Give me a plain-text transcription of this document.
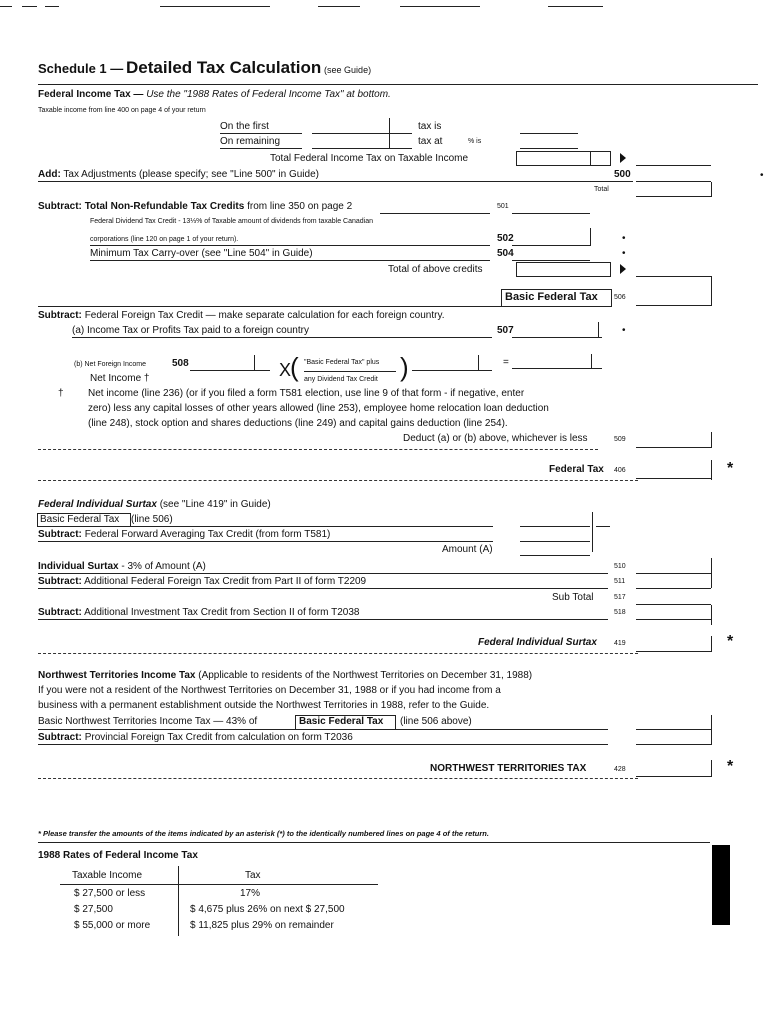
Schedule 1 — Detailed Tax Calculation (see Guide)
Federal Income Tax — Use the "1988 Rates of Federal Income Tax" at bottom.
Taxable income from line 400 on page 4 of your return
On the first	tax is
On remaining	tax at	% is
Total Federal Income Tax on Taxable Income
Add: Tax Adjustments (please specify; see "Line 500" in Guide)	500	•
Total
Subtract: Total Non-Refundable Tax Credits from line 350 on page 2	501
Federal Dividend Tax Credit - 13⅓% of Taxable amount of dividends from taxable Canadian
corporations (line 120 on page 1 of your return).	502	•
Minimum Tax Carry-over (see "Line 504" in Guide)	504	•
Total of above credits
Basic Federal Tax 506
Subtract: Federal Foreign Tax Credit — make separate calculation for each foreign country.
(a) Income Tax or Profits Tax paid to a foreign country	507	•
(b) Net Foreign Income	508
Net Income †	X
( "Basic Federal Tax" plus
any Dividend Tax Credit )	=
† Net income (line 236) (or if you filed a form T581 election, use line 9 of that form - if negative, enter
zero) less any capital losses of other years allowed (line 253), employee home relocation loan deduction
(line 248), stock option and shares deductions (line 249) and capital gains deduction (line 254).
Deduct (a) or (b) above, whichever is less	509
Federal Tax 406	*
Federal Individual Surtax (see "Line 419" in Guide)
Basic Federal Tax (line 506)
Subtract: Federal Forward Averaging Tax Credit (from form T581)
Amount (A)
Individual Surtax - 3% of Amount (A)	510
Subtract: Additional Federal Foreign Tax Credit from Part II of form T2209	511
Sub Total	517
Subtract: Additional Investment Tax Credit from Section II of form T2038	518
Federal Individual Surtax 419	*
Northwest Territories Income Tax (Applicable to residents of the Northwest Territories on December 31, 1988)
If you were not a resident of the Northwest Territories on December 31, 1988 or if you had income from a
business with a permanent establishment outside the Northwest Territories in 1988, refer to the Guide.
Basic Northwest Territories Income Tax — 43% of	Basic Federal Tax (line 506 above)
Subtract: Provincial Foreign Tax Credit from calculation on form T2036
NORTHWEST TERRITORIES TAX	428	*
* Please transfer the amounts of the items indicated by an asterisk (*) to the identically numbered lines on page 4 of the return.
1988 Rates of Federal Income Tax
Taxable Income	Tax
$ 27,500 or less	17%
$ 27,500	$ 4,675 plus 26% on next $ 27,500
$ 55,000 or more	$ 11,825 plus 29% on remainder
